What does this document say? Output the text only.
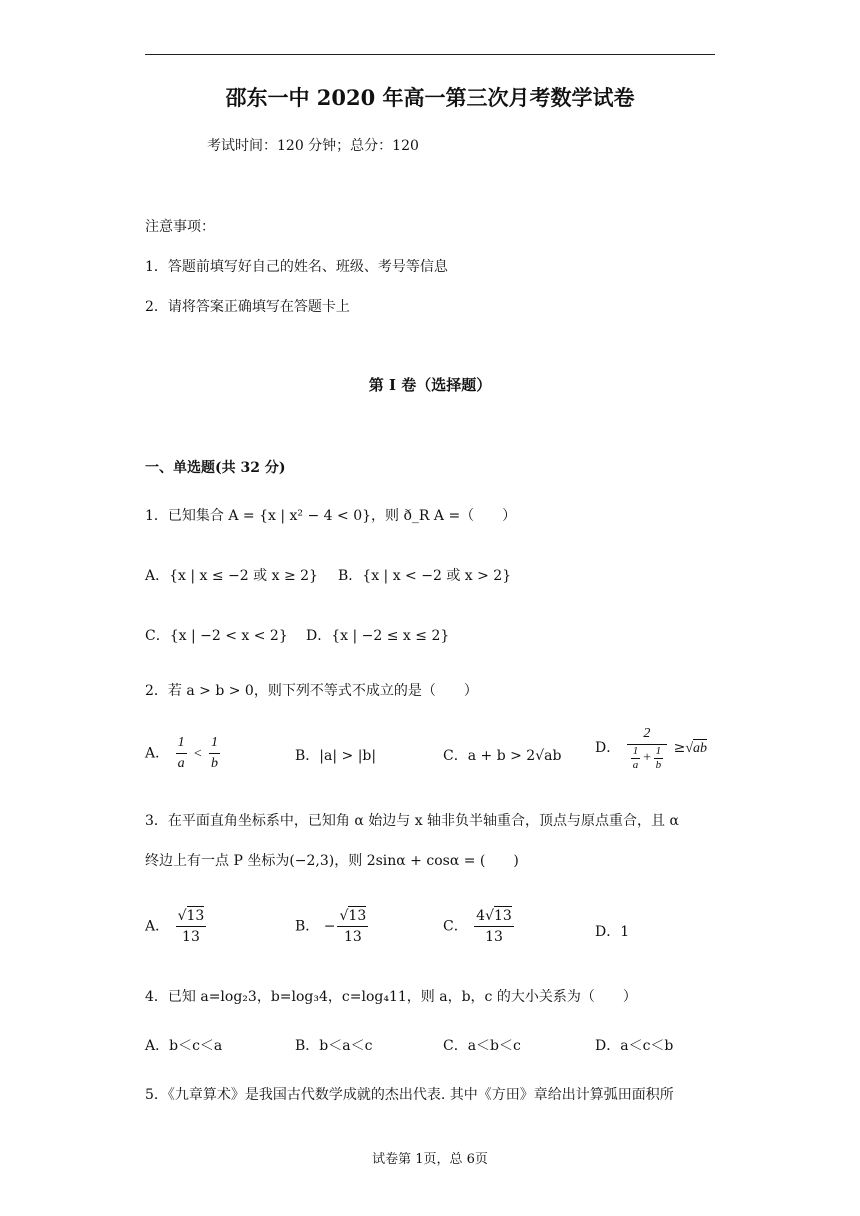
邵东一中 2020 年高一第三次月考数学试卷
考试时间：120 分钟；总分：120
注意事项：
1．答题前填写好自己的姓名、班级、考号等信息
2．请将答案正确填写在答题卡上
第 I 卷（选择题）
一、单选题(共 32 分)
1．已知集合 A = {x | x² − 4 < 0}，则 ð_R A =（　　）
A．{x | x ≤ −2 或 x ≥ 2} B．{x | x < −2 或 x > 2}
C．{x | −2 < x < 2} D．{x | −2 ≤ x ≤ 2}
2．若 a > b > 0，则下列不等式不成立的是（　　）
A． $\frac{1}{a} < \frac{1}{b}$	B．|a| > |b|	C．a + b > 2√ab D． $\frac{2}{\frac{1}{a} + \frac{1}{b}} \ge√ab$
3．在平面直角坐标系中，已知角 α 始边与 x 轴非负半轴重合，顶点与原点重合，且 α
终边上有一点 P 坐标为(−2,3)，则 2sinα + cosα = (　　)
A． $\frac{√13}{13}$	B． − $\frac{√13}{13}$	C． $\frac{4√13}{13}$	D．1
4．已知 a=log₂3，b=log₃4，c=log₄11，则 a，b，c 的大小关系为（　　）
A．b＜c＜a	B．b＜a＜c	C．a＜b＜c	D．a＜c＜b
5．《九章算术》是我国古代数学成就的杰出代表. 其中《方田》章给出计算弧田面积所
试卷第 1页，总 6页
